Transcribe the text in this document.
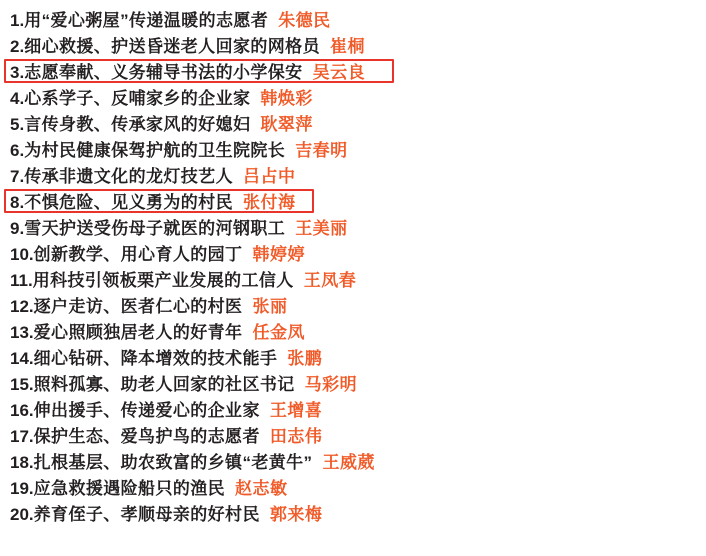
1. 用“爱心粥屋”传递温暖的志愿者 朱德民
2. 细心救援、护送昏迷老人回家的网格员 崔桐
3. 志愿奉献、义务辅导书法的小学保安 吴云良
4. 心系学子、反哺家乡的企业家 韩焕彩
5. 言传身教、传承家风的好媳妇 耿翠萍
6. 为村民健康保驾护航的卫生院院长 吉春明
7. 传承非遗文化的龙灯技艺人 吕占中
8. 不惧危险、见义勇为的村民 张付海
9. 雪天护送受伤母子就医的河钢职工 王美丽
10. 创新教学、用心育人的园丁 韩婷婷
11. 用科技引领板栗产业发展的工信人 王凤春
12. 逐户走访、医者仁心的村医 张丽
13. 爱心照顾独居老人的好青年 任金凤
14. 细心钻研、降本增效的技术能手 张鹏
15. 照料孤寡、助老人回家的社区书记 马彩明
16. 伸出援手、传递爱心的企业家 王增喜
17. 保护生态、爱鸟护鸟的志愿者 田志伟
18. 扎根基层、助农致富的乡镇“老黄牛” 王威葳
19. 应急救援遇险船只的渔民 赵志敏
20. 养育侄子、孝顺母亲的好村民 郭来梅
